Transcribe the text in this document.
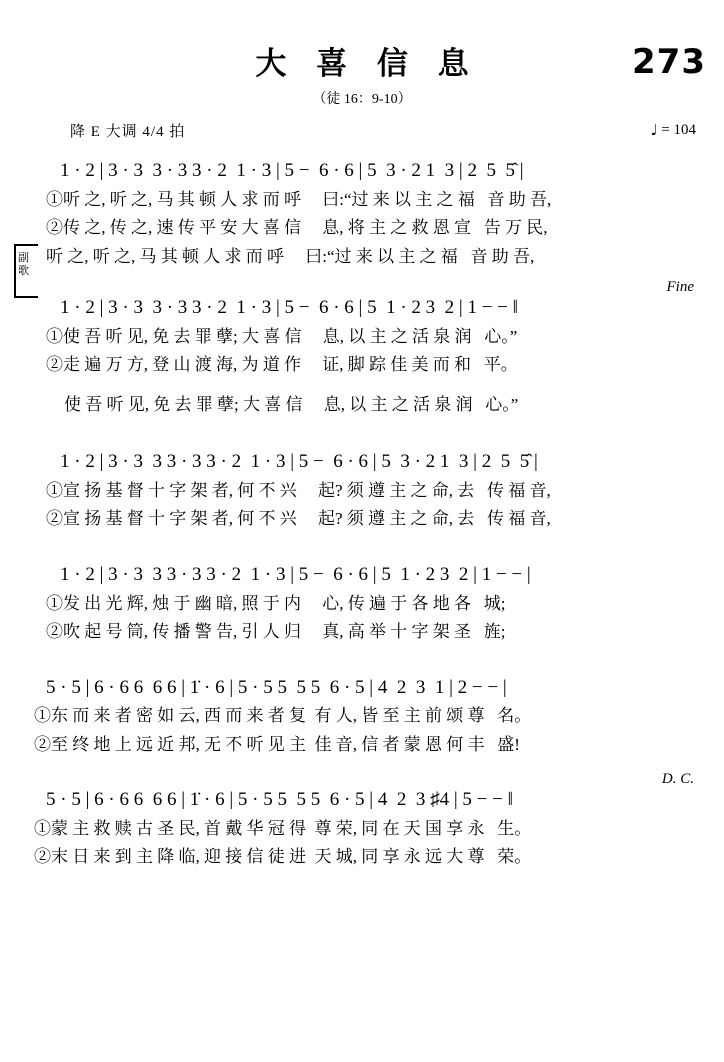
273
大 喜 信 息
（徒 16：9-10）
降 E 大调 4/4 拍	♩ = 104
副
歌
1 · 2 | 3 · 3  3 · 3 3 · 2  1 · 3 | 5 −  6 · 6 | 5  3 · 2 1  3 | 2  5  5̂ |
①听 之, 听 之, 马 其 顿 人 求 而 呼     曰:“过 来 以 主 之 福   音 助 吾,
②传 之, 传 之, 速 传 平 安 大 喜 信     息, 将 主 之 救 恩 宣   告 万 民,
听 之, 听 之, 马 其 顿 人 求 而 呼     曰:“过 来 以 主 之 福   音 助 吾,
Fine
1 · 2 | 3 · 3  3 · 3 3 · 2  1 · 3 | 5 −  6 · 6 | 5  1 · 2 3  2 | 1 − − ‖
①使 吾 听 见, 免 去 罪 孽; 大 喜 信     息, 以 主 之 活 泉 润   心。”
②走 遍 万 方, 登 山 渡 海, 为 道 作     证, 脚 踪 佳 美 而 和   平。
使 吾 听 见, 免 去 罪 孽; 大 喜 信     息, 以 主 之 活 泉 润   心。”
1 · 2 | 3 · 3  3 3 · 3 3 · 2  1 · 3 | 5 −  6 · 6 | 5  3 · 2 1  3 | 2  5  5̂ |
①宣 扬 基 督 十 字 架 者, 何 不 兴     起? 须 遵 主 之 命, 去   传 福 音,
②宣 扬 基 督 十 字 架 者, 何 不 兴     起? 须 遵 主 之 命, 去   传 福 音,
1 · 2 | 3 · 3  3 3 · 3 3 · 2  1 · 3 | 5 −  6 · 6 | 5  1 · 2 3  2 | 1 − − |
①发 出 光 辉, 烛 于 幽 暗, 照 于 内     心, 传 遍 于 各 地 各   城;
②吹 起 号 筒, 传 播 警 告, 引 人 归     真, 高 举 十 字 架 圣   旌;
5 · 5 | 6 · 6 6  6 6 | 1̇ · 6 | 5 · 5 5  5 5  6 · 5 | 4  2  3  1 | 2 − − |
①东 而 来 者 密 如 云, 西 而 来 者 复  有 人, 皆 至 主 前 颂 尊   名。
②至 终 地 上 远 近 邦, 无 不 听 见 主  佳 音, 信 者 蒙 恩 何 丰   盛!
D. C.
5 · 5 | 6 · 6 6  6 6 | 1̇ · 6 | 5 · 5 5  5 5  6 · 5 | 4  2  3 ♯4 | 5 − − ‖
①蒙 主 救 赎 古 圣 民, 首 戴 华 冠 得  尊 荣, 同 在 天 国 享 永   生。
②末 日 来 到 主 降 临, 迎 接 信 徒 进  天 城, 同 享 永 远 大 尊   荣。
